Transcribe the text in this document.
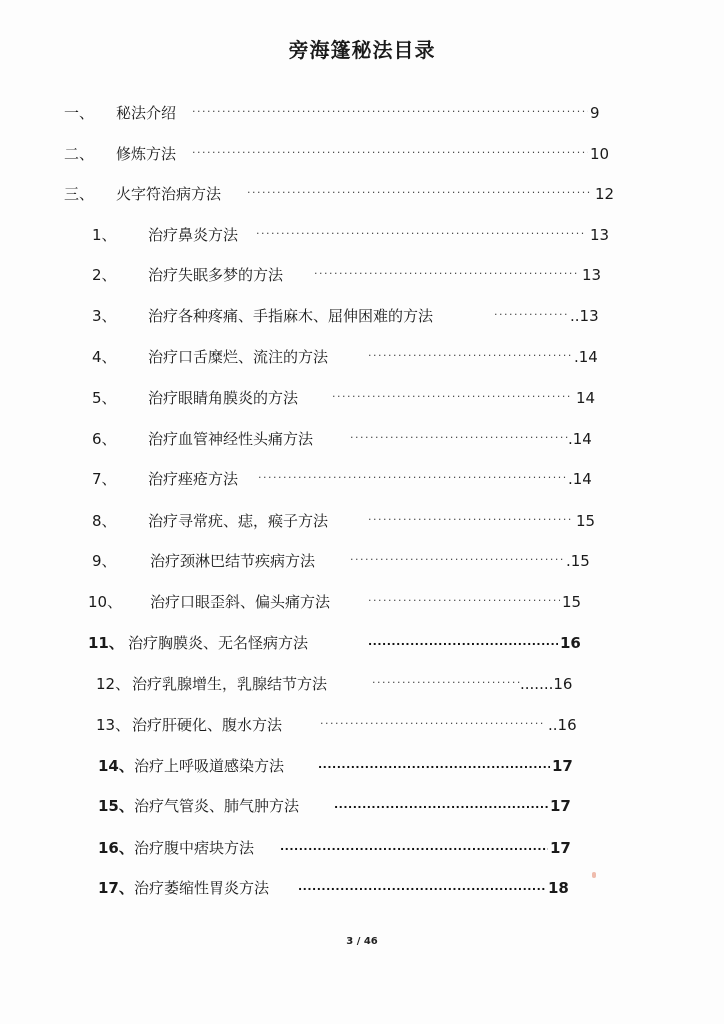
旁海篷秘法目录
一、 秘法介绍 ·····	9
二、 修炼方法 ·····	10
三、 火字符治病方法 ·····	12
1、 治疗鼻炎方法 ·····	13
2、 治疗失眠多梦的方法 ·····	13
3、 治疗各种疼痛、手指麻木、屈伸困难的方法 ·····	..13
4、 治疗口舌糜烂、流注的方法 ·····	.14
5、 治疗眼睛角膜炎的方法 ·····	14
6、 治疗血管神经性头痛方法 ·····	.14
7、 治疗痤疮方法 ·····	.14
8、 治疗寻常疣、痣，瘊子方法 ·····	15
9、 治疗颈淋巴结节疾病方法 ·····	.15
10、 治疗口眼歪斜、偏头痛方法 ·····	15
11、 治疗胸膜炎、无名怪病方法 .....	16
12、 治疗乳腺增生，乳腺结节方法 ·····	.......16
13、 治疗肝硬化、腹水方法 ·····	..16
14、 治疗上呼吸道感染方法 .....	17
15、 治疗气管炎、肺气肿方法 .....	17
16、 治疗腹中痞块方法 .....	17
17、 治疗萎缩性胃炎方法 .....	18
3 / 46
